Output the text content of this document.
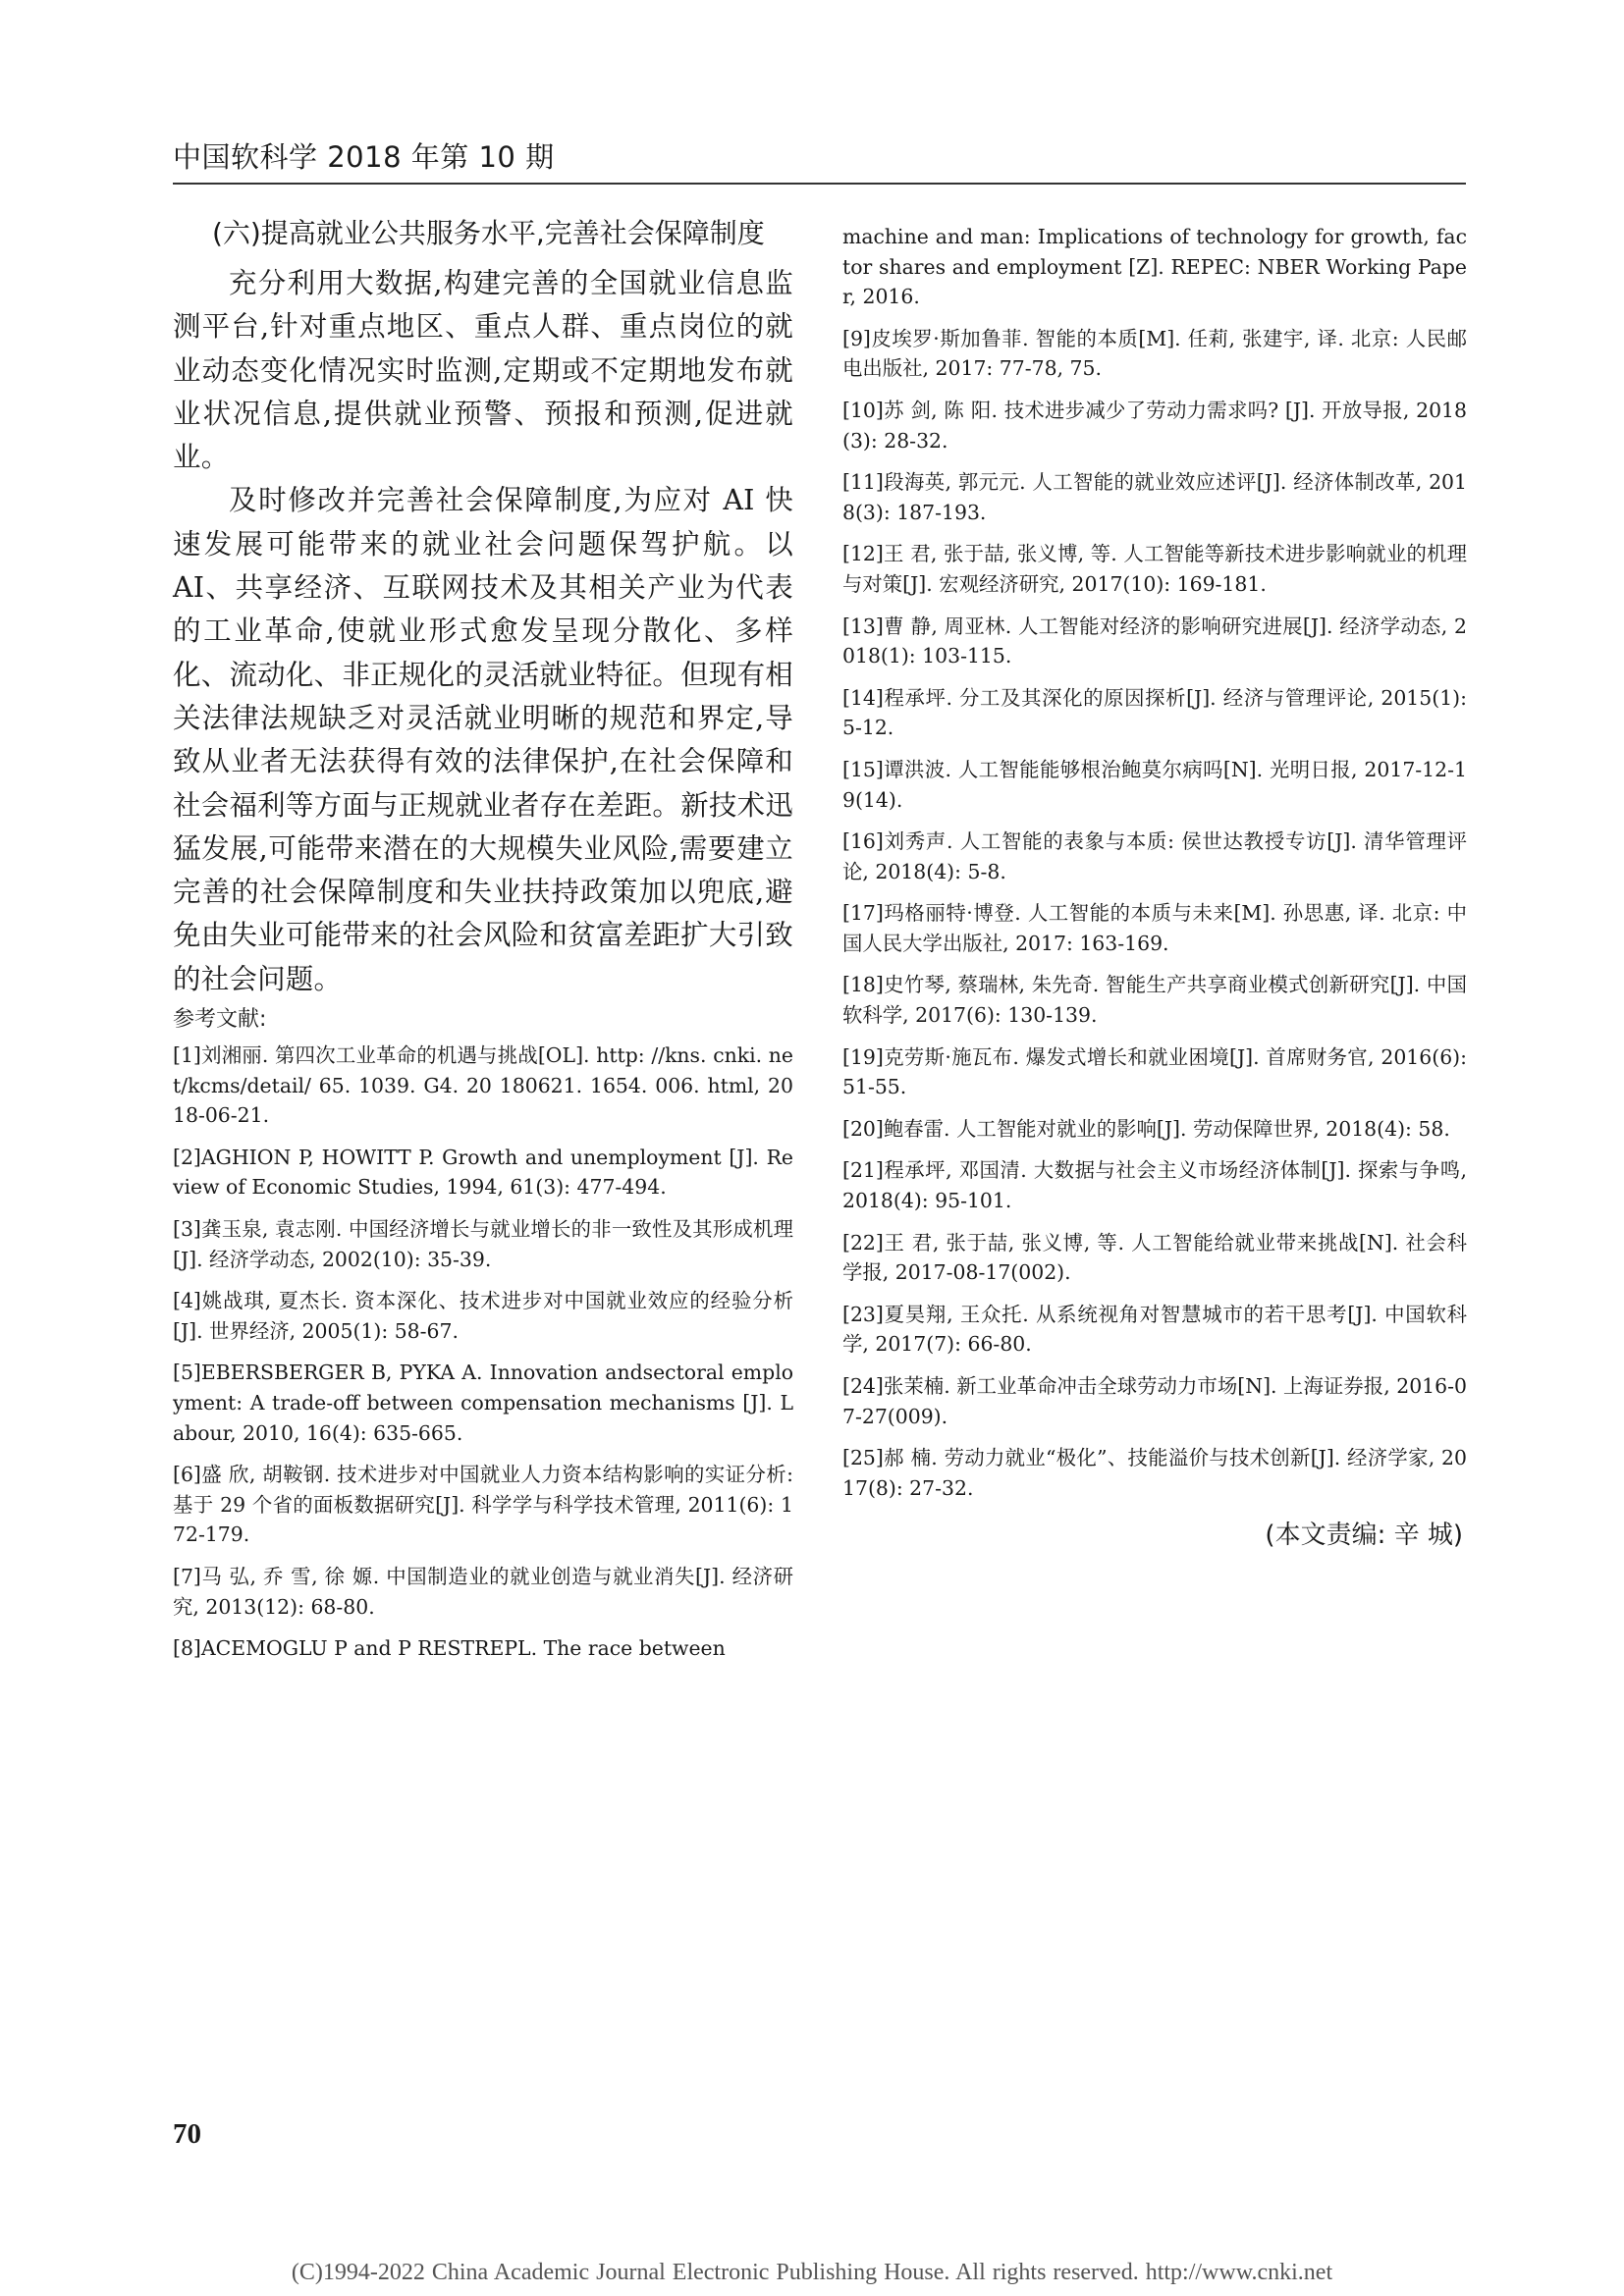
中国软科学 2018 年第 10 期
(六)提高就业公共服务水平,完善社会保障制度

充分利用大数据,构建完善的全国就业信息监测平台,针对重点地区、重点人群、重点岗位的就业动态变化情况实时监测,定期或不定期地发布就业状况信息,提供就业预警、预报和预测,促进就业。

及时修改并完善社会保障制度,为应对 AI 快速发展可能带来的就业社会问题保驾护航。以AI、共享经济、互联网技术及其相关产业为代表的工业革命,使就业形式愈发呈现分散化、多样化、流动化、非正规化的灵活就业特征。但现有相关法律法规缺乏对灵活就业明晰的规范和界定,导致从业者无法获得有效的法律保护,在社会保障和社会福利等方面与正规就业者存在差距。新技术迅猛发展,可能带来潜在的大规模失业风险,需要建立完善的社会保障制度和失业扶持政策加以兜底,避免由失业可能带来的社会风险和贫富差距扩大引致的社会问题。

参考文献:

[1]刘湘丽. 第四次工业革命的机遇与挑战[OL]. http: //kns. cnki. net/kcms/detail/ 65. 1039. G4. 20 180621. 1654. 006. html, 2018-06-21.

[2]AGHION P, HOWITT P. Growth and unemployment [J]. Review of Economic Studies, 1994, 61(3): 477-494.

[3]龚玉泉, 袁志刚. 中国经济增长与就业增长的非一致性及其形成机理[J]. 经济学动态, 2002(10): 35-39.

[4]姚战琪, 夏杰长. 资本深化、技术进步对中国就业效应的经验分析[J]. 世界经济, 2005(1): 58-67.

[5]EBERSBERGER B, PYKA A. Innovation andsectoral employment: A trade-off between compensation mechanisms [J]. Labour, 2010, 16(4): 635-665.

[6]盛 欣, 胡鞍钢. 技术进步对中国就业人力资本结构影响的实证分析: 基于 29 个省的面板数据研究[J]. 科学学与科学技术管理, 2011(6): 172-179.

[7]马 弘, 乔 雪, 徐 嫄. 中国制造业的就业创造与就业消失[J]. 经济研究, 2013(12): 68-80.

[8]ACEMOGLU P and P RESTREPL. The race between

machine and man: Implications of technology for growth, factor shares and employment [Z]. REPEC: NBER Working Paper, 2016.

[9]皮埃罗·斯加鲁菲. 智能的本质[M]. 任莉, 张建宇, 译. 北京: 人民邮电出版社, 2017: 77-78, 75.

[10]苏 剑, 陈 阳. 技术进步减少了劳动力需求吗? [J]. 开放导报, 2018(3): 28-32.

[11]段海英, 郭元元. 人工智能的就业效应述评[J]. 经济体制改革, 2018(3): 187-193.

[12]王 君, 张于喆, 张义博, 等. 人工智能等新技术进步影响就业的机理与对策[J]. 宏观经济研究, 2017(10): 169-181.

[13]曹 静, 周亚林. 人工智能对经济的影响研究进展[J]. 经济学动态, 2018(1): 103-115.

[14]程承坪. 分工及其深化的原因探析[J]. 经济与管理评论, 2015(1): 5-12.

[15]谭洪波. 人工智能能够根治鲍莫尔病吗[N]. 光明日报, 2017-12-19(14).

[16]刘秀声. 人工智能的表象与本质: 侯世达教授专访[J]. 清华管理评论, 2018(4): 5-8.

[17]玛格丽特·博登. 人工智能的本质与未来[M]. 孙思惠, 译. 北京: 中国人民大学出版社, 2017: 163-169.

[18]史竹琴, 蔡瑞林, 朱先奇. 智能生产共享商业模式创新研究[J]. 中国软科学, 2017(6): 130-139.

[19]克劳斯·施瓦布. 爆发式增长和就业困境[J]. 首席财务官, 2016(6): 51-55.

[20]鲍春雷. 人工智能对就业的影响[J]. 劳动保障世界, 2018(4): 58.

[21]程承坪, 邓国清. 大数据与社会主义市场经济体制[J]. 探索与争鸣, 2018(4): 95-101.

[22]王 君, 张于喆, 张义博, 等. 人工智能给就业带来挑战[N]. 社会科学报, 2017-08-17(002).

[23]夏昊翔, 王众托. 从系统视角对智慧城市的若干思考[J]. 中国软科学, 2017(7): 66-80.

[24]张茉楠. 新工业革命冲击全球劳动力市场[N]. 上海证券报, 2016-07-27(009).

[25]郝 楠. 劳动力就业“极化”、技能溢价与技术创新[J]. 经济学家, 2017(8): 27-32.

(本文责编: 辛 城)
70
(C)1994-2022 China Academic Journal Electronic Publishing House. All rights reserved. http://www.cnki.net
